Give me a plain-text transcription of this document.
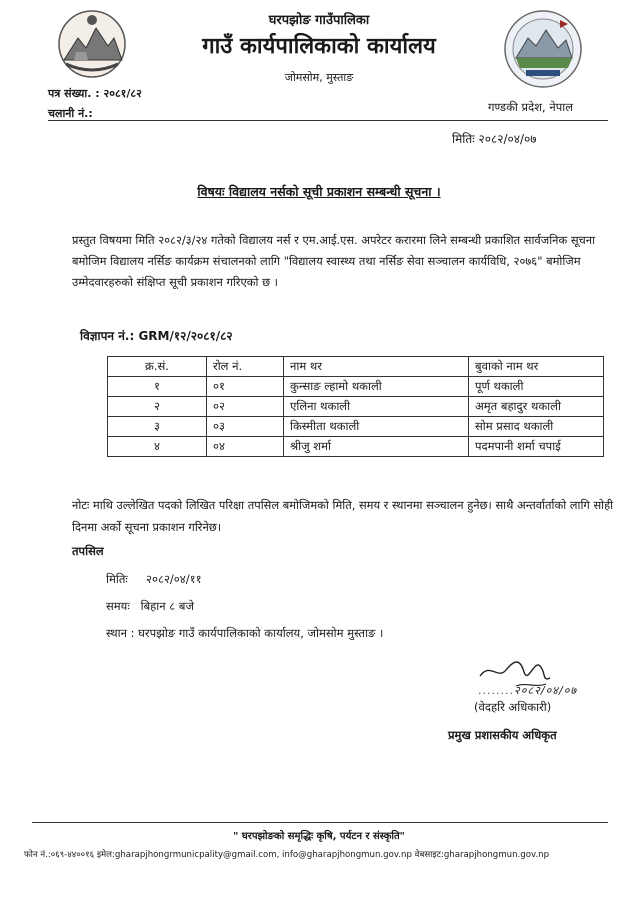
घरपझोङ गाउँपालिका
गाउँ कार्यपालिकाको कार्यालय
जोमसोम, मुस्ताङ
पत्र संख्या. : २०८१/८२
चलानी नं.:	गण्डकी प्रदेश, नेपाल
मितिः २०८२/०४/०७
विषयः विद्यालय नर्सको सूची प्रकाशन सम्बन्धी सूचना ।
प्रस्तुत विषयमा मिति २०८२/३/२४ गतेको विद्यालय नर्स र एम.आई.एस. अपरेटर करारमा लिने सम्बन्धी प्रकाशित सार्वजनिक सूचना बमोजिम विद्यालय नर्सिङ कार्यक्रम संचालनको लागि "विद्यालय स्वास्थ्य तथा नर्सिङ सेवा सञ्चालन कार्यविधि, २०७६" बमोजिम उम्मेदवारहरुको संक्षिप्त सूची प्रकाशन गरिएको छ ।
विज्ञापन नं.: GRM/१२/२०८१/८२
क्र.सं.	रोल नं.	नाम थर	बुवाको नाम थर
१	०१	कुन्साङ ल्हामो थकाली	पूर्ण थकाली
२	०२	एलिना थकाली	अमृत बहादुर थकाली
३	०३	किस्मीता थकाली	सोम प्रसाद थकाली
४	०४	श्रीजु शर्मा	पदमपानी शर्मा चपाई
नोटः माथि उल्लेखित पदको लिखित परिक्षा तपसिल बमोजिमको मिति, समय र स्थानमा सञ्चालन हुनेछ। साथै अन्तर्वार्ताको लागि सोही दिनमा अर्को सूचना प्रकाशन गरिनेछ।
तपसिल
मितिः २०८२/०४/११
समयः बिहान ८ बजे
स्थान : घरपझोङ गाउँ कार्यपालिकाको कार्यालय, जोमसोम मुस्ताङ ।
........२०८२/०४/०७
(वेदहरि अधिकारी)
प्रमुख प्रशासकीय अधिकृत
" घरपझोङको समृद्धिः कृषि, पर्यटन र संस्कृति"
फोन नं.:०६९-४४००१६ इमेल:gharapjhongrmunicpality@gmail.com, info@gharapjhongmun.gov.np वेबसाइट:gharapjhongmun.gov.np
